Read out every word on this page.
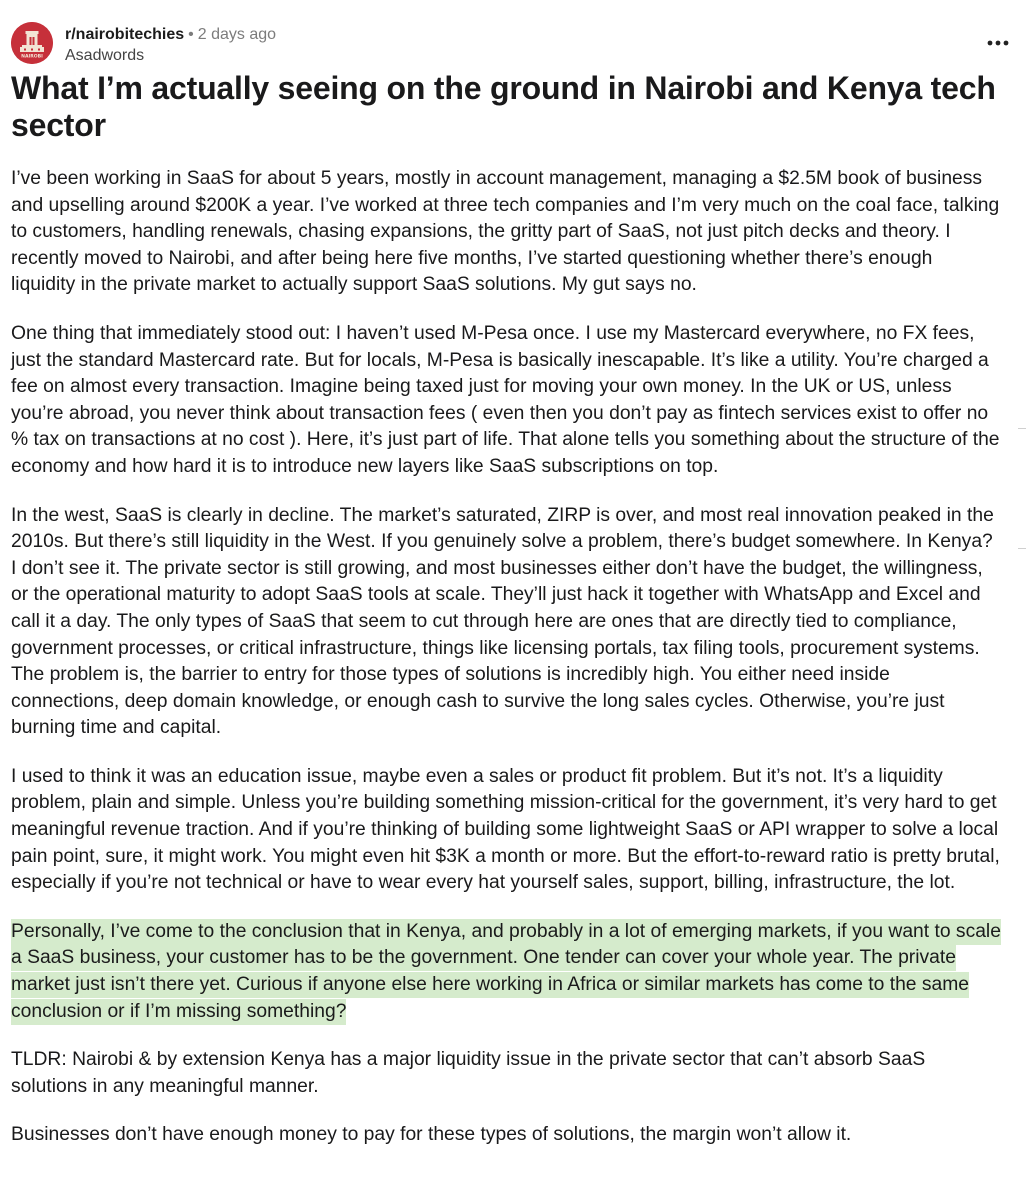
NAIROBI
r/nairobitechies • 2 days ago
Asadwords
What I’m actually seeing on the ground in Nairobi and Kenya tech sector

I’ve been working in SaaS for about 5 years, mostly in account management, managing a $2.5M book of business and upselling around $200K a year. I’ve worked at three tech companies and I’m very much on the coal face, talking to customers, handling renewals, chasing expansions, the gritty part of SaaS, not just pitch decks and theory. I recently moved to Nairobi, and after being here five months, I’ve started questioning whether there’s enough liquidity in the private market to actually support SaaS solutions. My gut says no.

One thing that immediately stood out: I haven’t used M-Pesa once. I use my Mastercard everywhere, no FX fees, just the standard Mastercard rate. But for locals, M-Pesa is basically inescapable. It’s like a utility. You’re charged a fee on almost every transaction. Imagine being taxed just for moving your own money. In the UK or US, unless you’re abroad, you never think about transaction fees ( even then you don’t pay as fintech services exist to offer no % tax on transactions at no cost ). Here, it’s just part of life. That alone tells you something about the structure of the economy and how hard it is to introduce new layers like SaaS subscriptions on top.

In the west, SaaS is clearly in decline. The market’s saturated, ZIRP is over, and most real innovation peaked in the 2010s. But there’s still liquidity in the West. If you genuinely solve a problem, there’s budget somewhere. In Kenya? I don’t see it. The private sector is still growing, and most businesses either don’t have the budget, the willingness, or the operational maturity to adopt SaaS tools at scale. They’ll just hack it together with WhatsApp and Excel and call it a day. The only types of SaaS that seem to cut through here are ones that are directly tied to compliance, government processes, or critical infrastructure, things like licensing portals, tax filing tools, procurement systems. The problem is, the barrier to entry for those types of solutions is incredibly high. You either need inside connections, deep domain knowledge, or enough cash to survive the long sales cycles. Otherwise, you’re just burning time and capital.

I used to think it was an education issue, maybe even a sales or product fit problem. But it’s not. It’s a liquidity problem, plain and simple. Unless you’re building something mission-critical for the government, it’s very hard to get meaningful revenue traction. And if you’re thinking of building some lightweight SaaS or API wrapper to solve a local pain point, sure, it might work. You might even hit $3K a month or more. But the effort-to-reward ratio is pretty brutal, especially if you’re not technical or have to wear every hat yourself sales, support, billing, infrastructure, the lot.

Personally, I’ve come to the conclusion that in Kenya, and probably in a lot of emerging markets, if you want to scale a SaaS business, your customer has to be the government. One tender can cover your whole year. The private market just isn’t there yet. Curious if anyone else here working in Africa or similar markets has come to the same conclusion or if I’m missing something?

TLDR: Nairobi & by extension Kenya has a major liquidity issue in the private sector that can’t absorb SaaS solutions in any meaningful manner.

Businesses don’t have enough money to pay for these types of solutions, the margin won’t allow it.
